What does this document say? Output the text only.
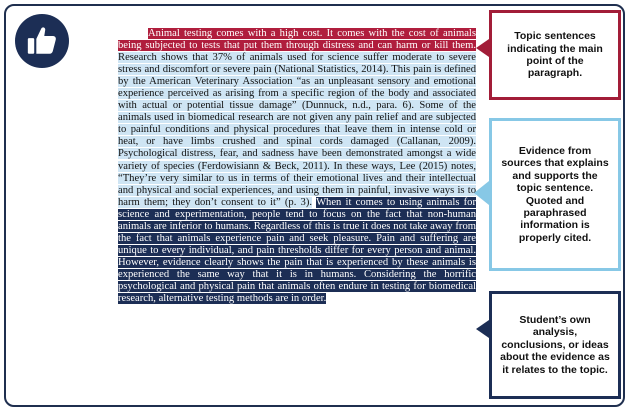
Animal testing comes with a high cost. It comes with the cost of animals being subjected to tests that put them through distress and can harm or kill them. Research shows that 37% of animals used for science suffer moderate to severe stress and discomfort or severe pain (National Statistics, 2014). This pain is defined by the American Veterinary Association “as an unpleasant sensory and emotional experience perceived as arising from a specific region of the body and associated with actual or potential tissue damage” (Dunnuck, n.d., para. 6). Some of the animals used in biomedical research are not given any pain relief and are subjected to painful conditions and physical procedures that leave them in intense cold or heat, or have limbs crushed and spinal cords damaged (Callanan, 2009). Psychological distress, fear, and sadness have been demonstrated amongst a wide variety of species (Ferdowisiann & Beck, 2011). In these ways, Lee (2015) notes, “They’re very similar to us in terms of their emotional lives and their intellectual and physical and social experiences, and using them in painful, invasive ways is to harm them; they don’t consent to it” (p. 3). When it comes to using animals for science and experimentation, people tend to focus on the fact that non-human animals are inferior to humans. Regardless of this is true it does not take away from the fact that animals experience pain and seek pleasure. Pain and suffering are unique to every individual, and pain thresholds differ for every person and animal. However, evidence clearly shows the pain that is experienced by these animals is experienced the same way that it is in humans. Considering the horrific psychological and physical pain that animals often endure in testing for biomedical research, alternative testing methods are in order.
Topic sentences indicating the main point of the paragraph.
Evidence from sources that explains and supports the topic sentence. Quoted and paraphrased information is properly cited.
Student’s own analysis, conclusions, or ideas about the evidence as it relates to the topic.
